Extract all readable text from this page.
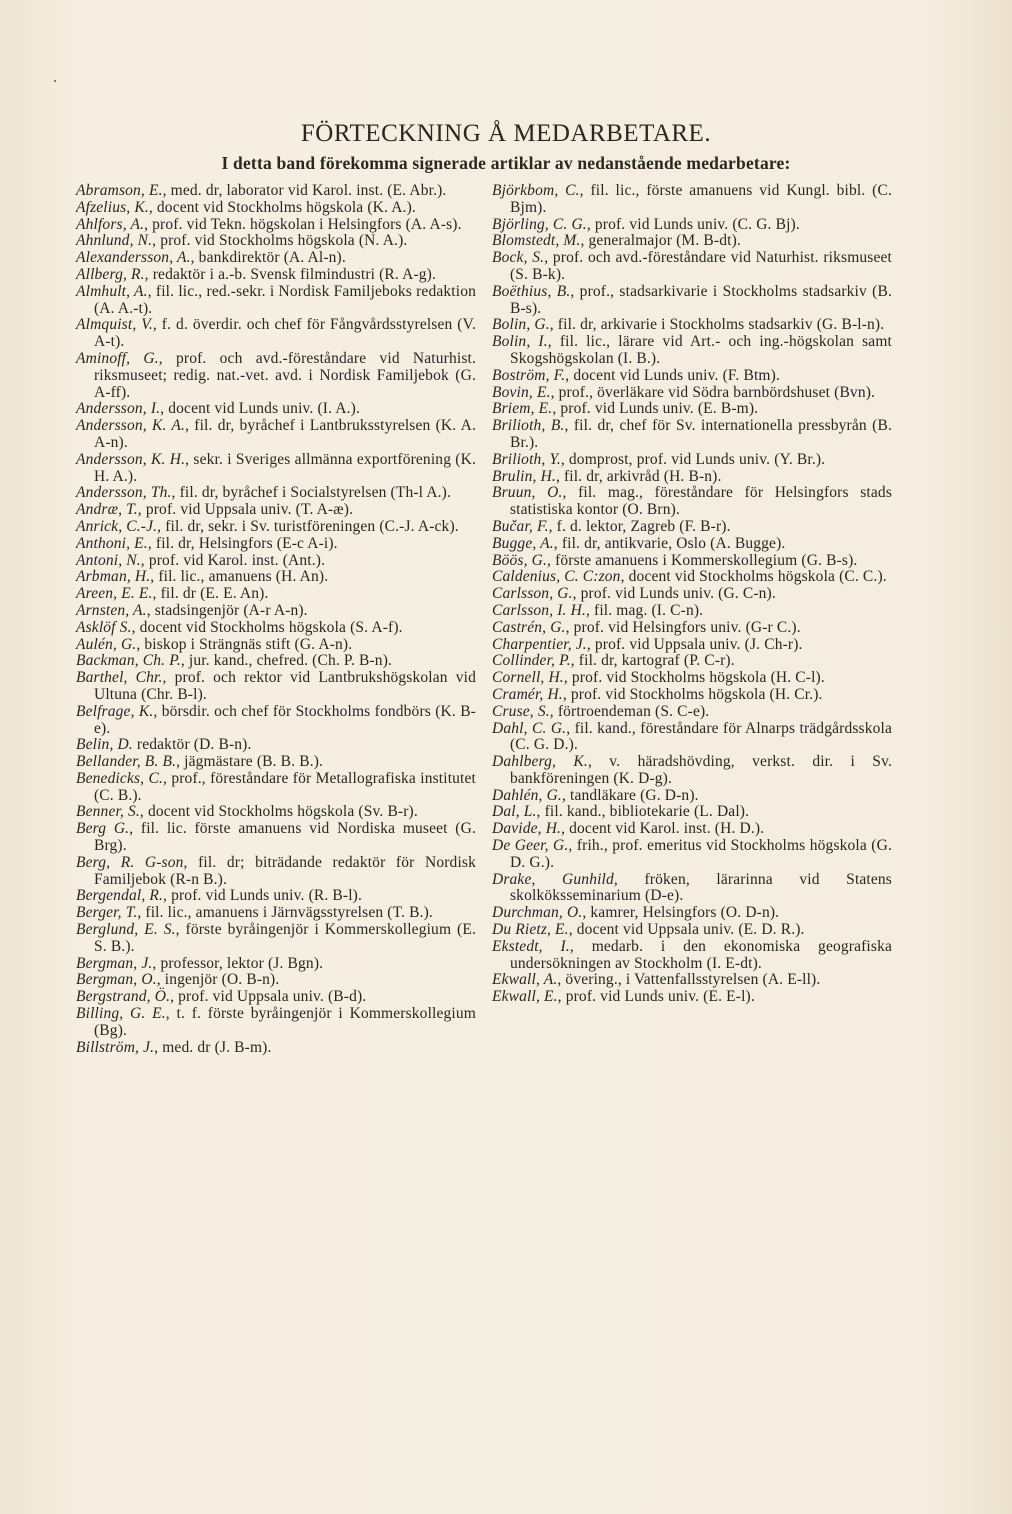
FÖRTECKNING Å MEDARBETARE.
I detta band förekomma signerade artiklar av nedanstående medarbetare:

Abramson, E., med. dr, laborator vid Karol. inst. (E. Abr.).

Afzelius, K., docent vid Stockholms högskola (K. A.).

Ahlfors, A., prof. vid Tekn. högskolan i Helsingfors (A. A-s).

Ahnlund, N., prof. vid Stockholms högskola (N. A.).

Alexandersson, A., bankdirektör (A. Al-n).

Allberg, R., redaktör i a.-b. Svensk filmindustri (R. A-g).

Almhult, A., fil. lic., red.-sekr. i Nordisk Familjeboks redaktion (A. A.-t).

Almquist, V., f. d. överdir. och chef för Fångvårdsstyrelsen (V. A-t).

Aminoff, G., prof. och avd.-föreståndare vid Naturhist. riksmuseet; redig. nat.-vet. avd. i Nordisk Familjebok (G. A-ff).

Andersson, I., docent vid Lunds univ. (I. A.).

Andersson, K. A., fil. dr, byråchef i Lantbruksstyrelsen (K. A. A-n).

Andersson, K. H., sekr. i Sveriges allmänna exportförening (K. H. A.).

Andersson, Th., fil. dr, byråchef i Socialstyrelsen (Th-l A.).

Andræ, T., prof. vid Uppsala univ. (T. A-æ).

Anrick, C.-J., fil. dr, sekr. i Sv. turistföreningen (C.-J. A-ck).

Anthoni, E., fil. dr, Helsingfors (E-c A-i).

Antoni, N., prof. vid Karol. inst. (Ant.).

Arbman, H., fil. lic., amanuens (H. An).

Areen, E. E., fil. dr (E. E. An).

Arnsten, A., stadsingenjör (A-r A-n).

Asklöf S., docent vid Stockholms högskola (S. A-f).

Aulén, G., biskop i Strängnäs stift (G. A-n).

Backman, Ch. P., jur. kand., chefred. (Ch. P. B-n).

Barthel, Chr., prof. och rektor vid Lantbrukshögskolan vid Ultuna (Chr. B-l).

Belfrage, K., börsdir. och chef för Stockholms fondbörs (K. B-e).

Belin, D. redaktör (D. B-n).

Bellander, B. B., jägmästare (B. B. B.).

Benedicks, C., prof., föreståndare för Metallografiska institutet (C. B.).

Benner, S., docent vid Stockholms högskola (Sv. B-r).

Berg G., fil. lic. förste amanuens vid Nordiska museet (G. Brg).

Berg, R. G-son, fil. dr; biträdande redaktör för Nordisk Familjebok (R-n B.).

Bergendal, R., prof. vid Lunds univ. (R. B-l).

Berger, T., fil. lic., amanuens i Järnvägsstyrelsen (T. B.).

Berglund, E. S., förste byråingenjör i Kommerskollegium (E. S. B.).

Bergman, J., professor, lektor (J. Bgn).

Bergman, O., ingenjör (O. B-n).

Bergstrand, Ö., prof. vid Uppsala univ. (B-d).

Billing, G. E., t. f. förste byråingenjör i Kommerskollegium (Bg).

Billström, J., med. dr (J. B-m).

Björkbom, C., fil. lic., förste amanuens vid Kungl. bibl. (C. Bjm).

Björling, C. G., prof. vid Lunds univ. (C. G. Bj).

Blomstedt, M., generalmajor (M. B-dt).

Bock, S., prof. och avd.-föreståndare vid Naturhist. riksmuseet (S. B-k).

Boëthius, B., prof., stadsarkivarie i Stockholms stadsarkiv (B. B-s).

Bolin, G., fil. dr, arkivarie i Stockholms stadsarkiv (G. B-l-n).

Bolin, I., fil. lic., lärare vid Art.- och ing.-högskolan samt Skogshögskolan (I. B.).

Boström, F., docent vid Lunds univ. (F. Btm).

Bovin, E., prof., överläkare vid Södra barnbördshuset (Bvn).

Briem, E., prof. vid Lunds univ. (E. B-m).

Brilioth, B., fil. dr, chef för Sv. internationella pressbyrån (B. Br.).

Brilioth, Y., domprost, prof. vid Lunds univ. (Y. Br.).

Brulin, H., fil. dr, arkivråd (H. B-n).

Bruun, O., fil. mag., föreståndare för Helsingfors stads statistiska kontor (O. Brn).

Bučar, F., f. d. lektor, Zagreb (F. B-r).

Bugge, A., fil. dr, antikvarie, Oslo (A. Bugge).

Böös, G., förste amanuens i Kommerskollegium (G. B-s).

Caldenius, C. C:zon, docent vid Stockholms högskola (C. C.).

Carlsson, G., prof. vid Lunds univ. (G. C-n).

Carlsson, I. H., fil. mag. (I. C-n).

Castrén, G., prof. vid Helsingfors univ. (G-r C.).

Charpentier, J., prof. vid Uppsala univ. (J. Ch-r).

Collinder, P., fil. dr, kartograf (P. C-r).

Cornell, H., prof. vid Stockholms högskola (H. C-l).

Cramér, H., prof. vid Stockholms högskola (H. Cr.).

Cruse, S., förtroendeman (S. C-e).

Dahl, C. G., fil. kand., föreståndare för Alnarps trädgårdsskola (C. G. D.).

Dahlberg, K., v. häradshövding, verkst. dir. i Sv. bankföreningen (K. D-g).

Dahlén, G., tandläkare (G. D-n).

Dal, L., fil. kand., bibliotekarie (L. Dal).

Davide, H., docent vid Karol. inst. (H. D.).

De Geer, G., frih., prof. emeritus vid Stockholms högskola (G. D. G.).

Drake, Gunhild, fröken, lärarinna vid Statens skolköksseminarium (D-e).

Durchman, O., kamrer, Helsingfors (O. D-n).

Du Rietz, E., docent vid Uppsala univ. (E. D. R.).

Ekstedt, I., medarb. i den ekonomiska geografiska undersökningen av Stockholm (I. E-dt).

Ekwall, A., övering., i Vattenfallsstyrelsen (A. E-ll).

Ekwall, E., prof. vid Lunds univ. (E. E-l).
